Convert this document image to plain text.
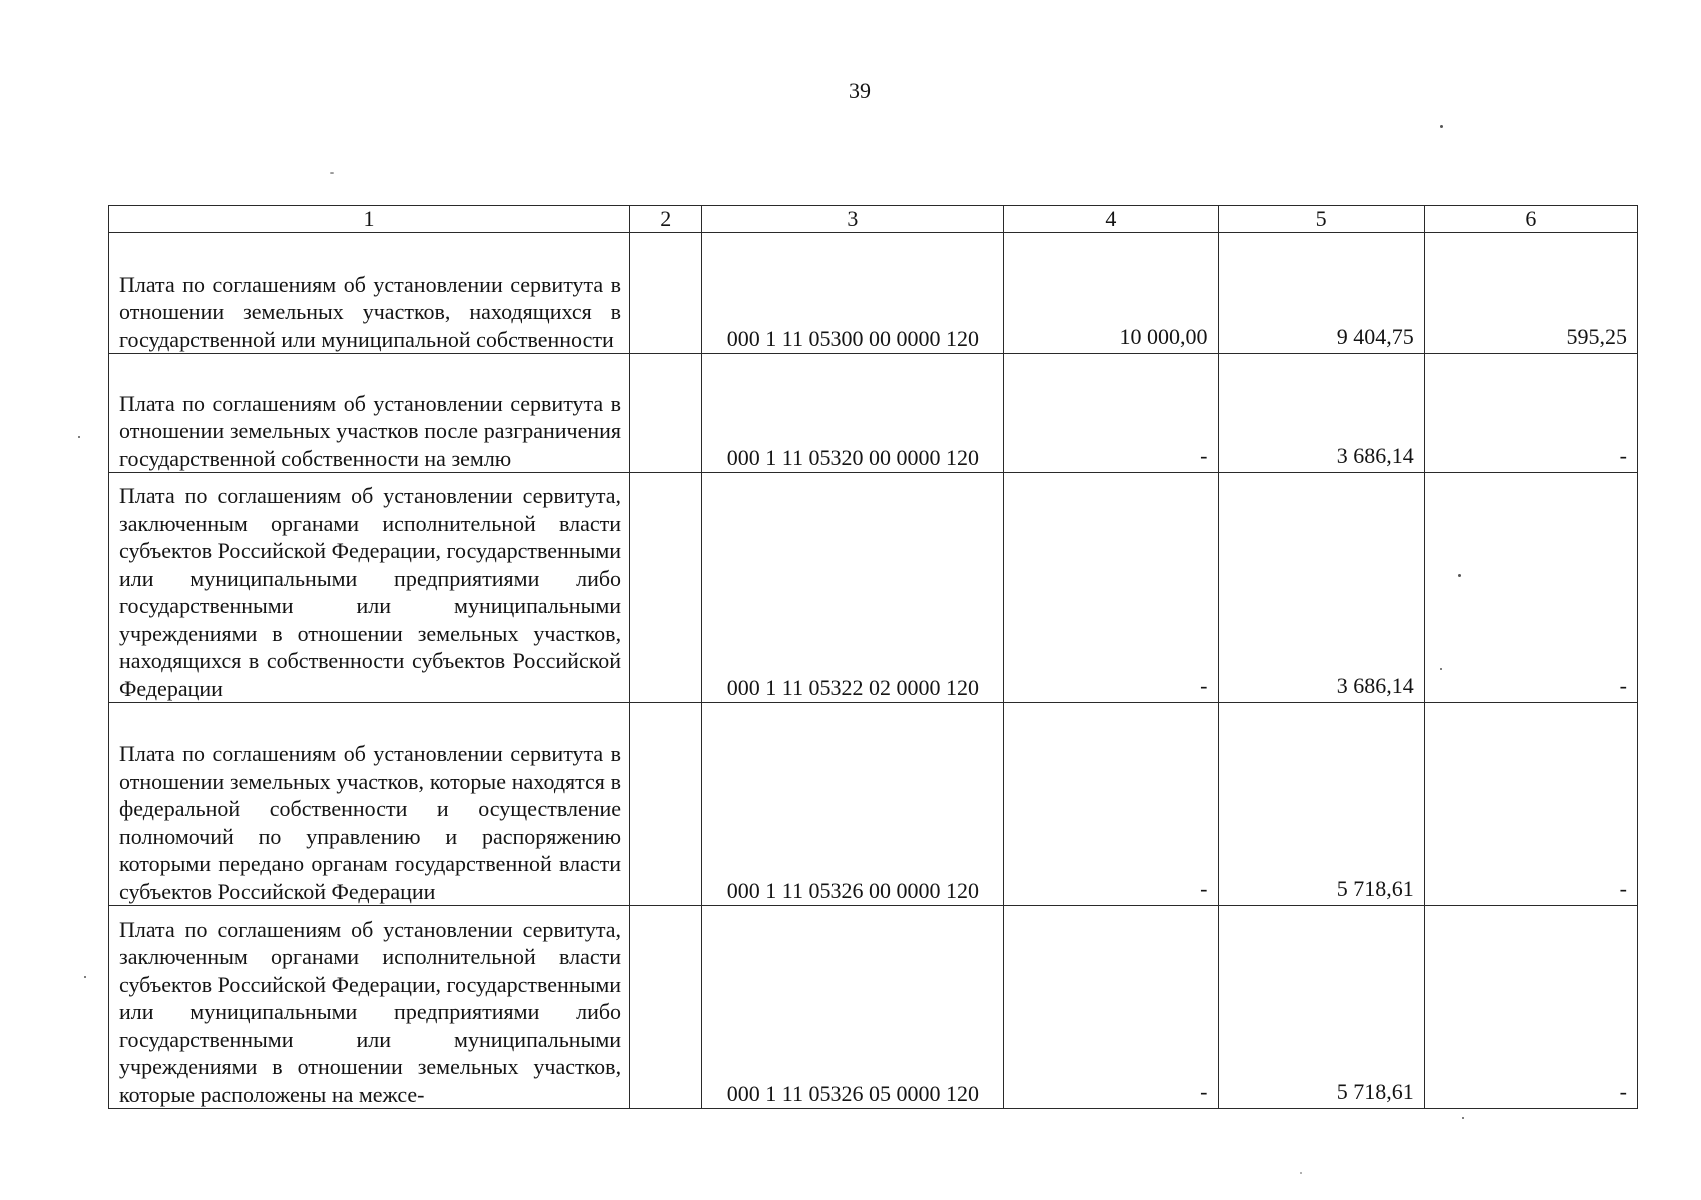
39
1	2	3	4	5	6
Плата по соглашениям об установлении сервитута в отношении земельных участков, находящихся в государственной или муниципальной собственности		000 1 11 05300 00 0000 120	10 000,00	9 404,75	595,25
Плата по соглашениям об установлении сервитута в отношении земельных участков после разграничения государственной собственности на землю		000 1 11 05320 00 0000 120	-	3 686,14	-
Плата по соглашениям об установлении сервитута, заключенным органами исполнительной власти субъектов Российской Федерации, государственными или муниципальными предприятиями либо государственными или муниципальными учреждениями в отношении земельных участков, находящихся в собственности субъектов Российской Федерации		000 1 11 05322 02 0000 120	-	3 686,14	-
Плата по соглашениям об установлении сервитута в отношении земельных участков, которые находятся в федеральной собственности и осуществление полномочий по управлению и распоряжению которыми передано органам государственной власти субъектов Российской Федерации		000 1 11 05326 00 0000 120	-	5 718,61	-
Плата по соглашениям об установлении сервитута, заключенным органами исполнительной власти субъектов Российской Федерации, государственными или муниципальными предприятиями либо государственными или муниципальными учреждениями в отношении земельных участков, которые расположены на межсе-		000 1 11 05326 05 0000 120	-	5 718,61	-
